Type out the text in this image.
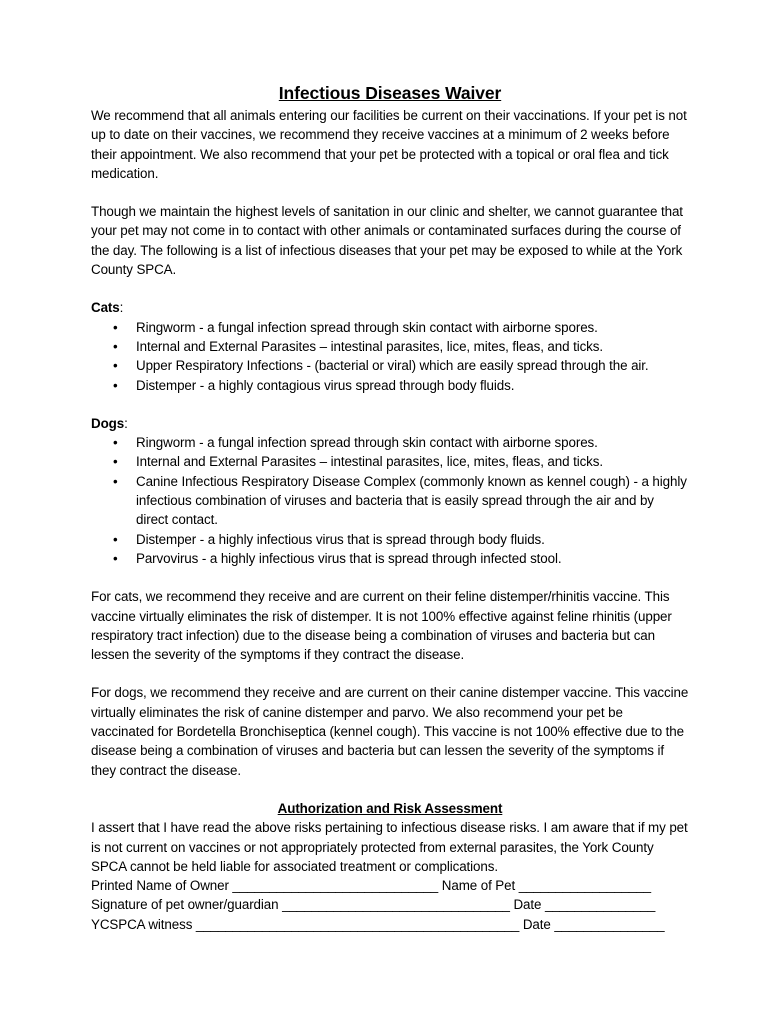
Infectious Diseases Waiver

We recommend that all animals entering our facilities be current on their vaccinations. If your pet is not up to date on their vaccines, we recommend they receive vaccines at a minimum of 2 weeks before their appointment. We also recommend that your pet be protected with a topical or oral flea and tick medication.

Though we maintain the highest levels of sanitation in our clinic and shelter, we cannot guarantee that your pet may not come in to contact with other animals or contaminated surfaces during the course of the day. The following is a list of infectious diseases that your pet may be exposed to while at the York County SPCA.

Cats:
• Ringworm - a fungal infection spread through skin contact with airborne spores.
• Internal and External Parasites – intestinal parasites, lice, mites, fleas, and ticks.
• Upper Respiratory Infections - (bacterial or viral) which are easily spread through the air.
• Distemper - a highly contagious virus spread through body fluids.
Dogs:
• Ringworm - a fungal infection spread through skin contact with airborne spores.
• Internal and External Parasites – intestinal parasites, lice, mites, fleas, and ticks.
• Canine Infectious Respiratory Disease Complex (commonly known as kennel cough) - a highly infectious combination of viruses and bacteria that is easily spread through the air and by direct contact.
• Distemper - a highly infectious virus that is spread through body fluids.
• Parvovirus - a highly infectious virus that is spread through infected stool.

For cats, we recommend they receive and are current on their feline distemper/rhinitis vaccine. This vaccine virtually eliminates the risk of distemper. It is not 100% effective against feline rhinitis (upper respiratory tract infection) due to the disease being a combination of viruses and bacteria but can lessen the severity of the symptoms if they contract the disease.

For dogs, we recommend they receive and are current on their canine distemper vaccine. This vaccine virtually eliminates the risk of canine distemper and parvo. We also recommend your pet be vaccinated for Bordetella Bronchiseptica (kennel cough). This vaccine is not 100% effective due to the disease being a combination of viruses and bacteria but can lessen the severity of the symptoms if they contract the disease.

Authorization and Risk Assessment
I assert that I have read the above risks pertaining to infectious disease risks. I am aware that if my pet is not current on vaccines or not appropriately protected from external parasites, the York County SPCA cannot be held liable for associated treatment or complications.
Printed Name of Owner ____________________________ Name of Pet __________________
Signature of pet owner/guardian _______________________________ Date _______________
YCSPCA witness ____________________________________________ Date _______________
